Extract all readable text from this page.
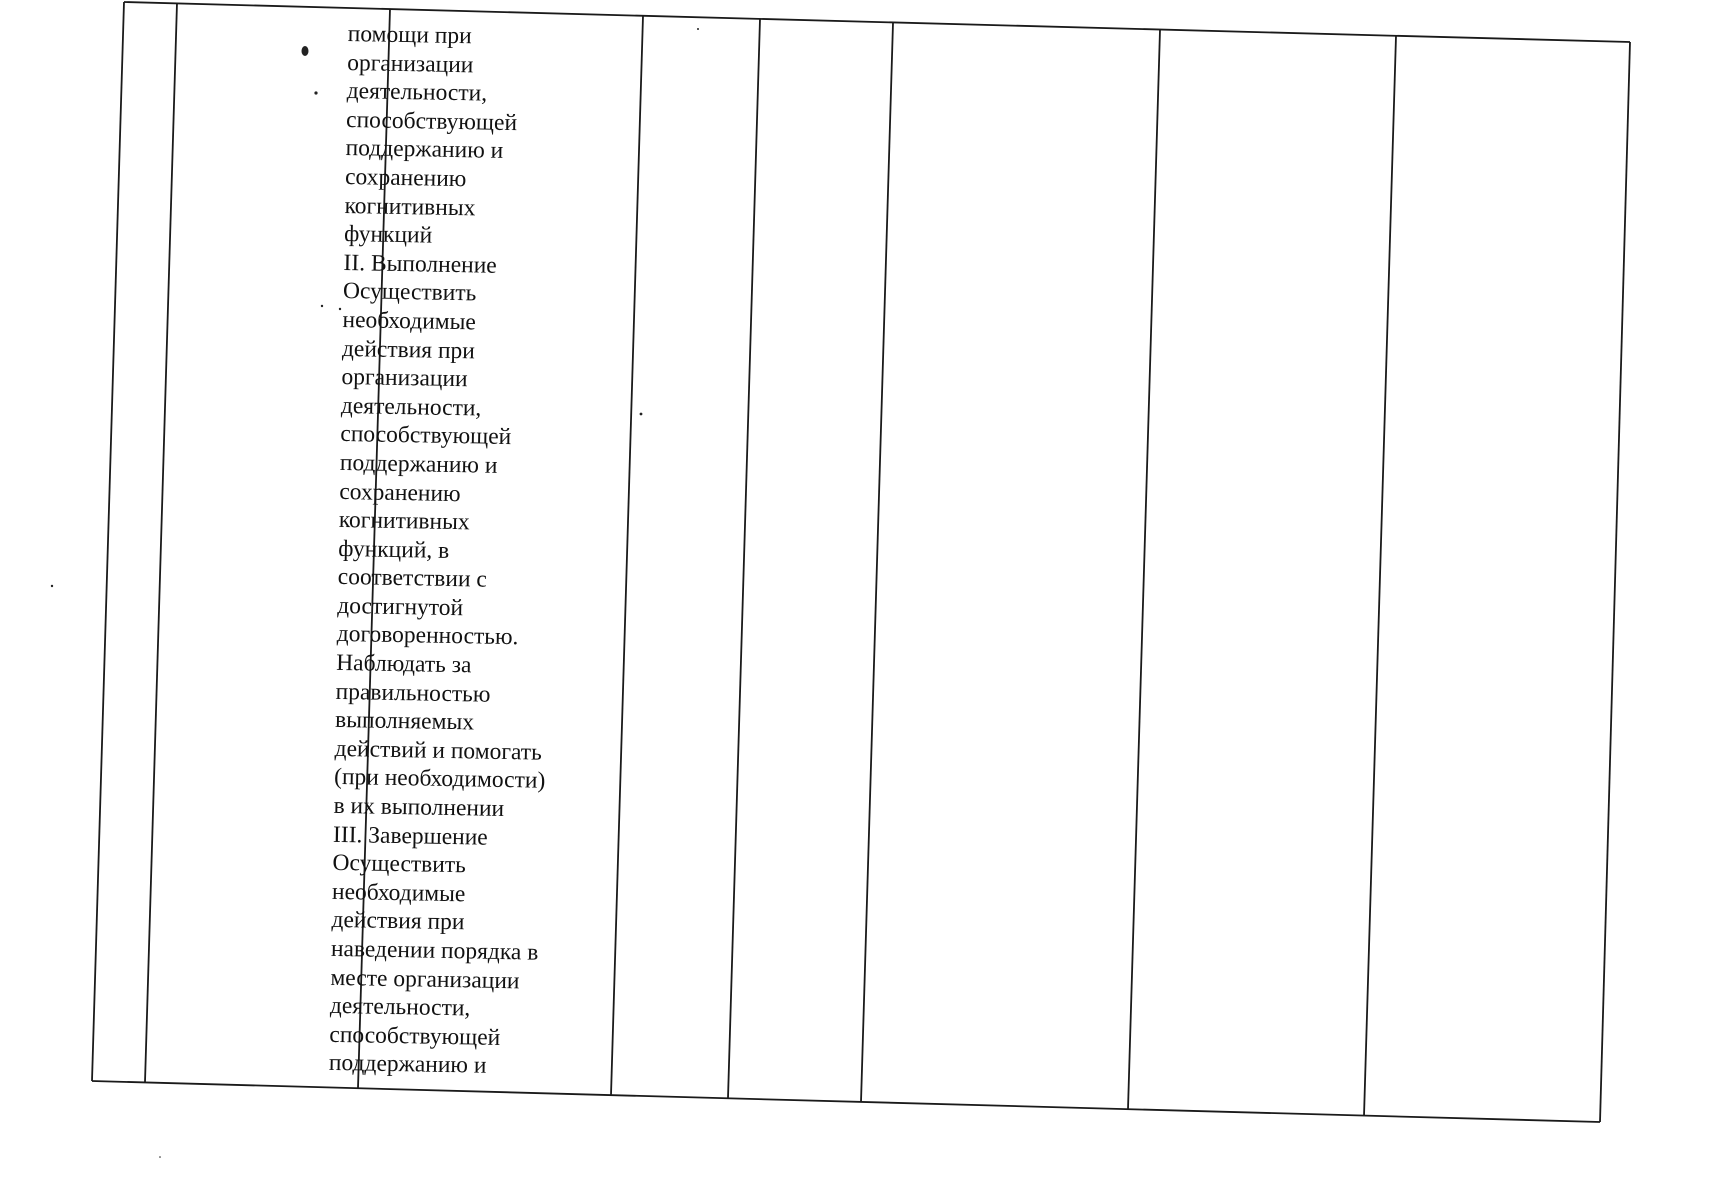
помощи при
организации
деятельности,
способствующей
поддержанию и
сохранению
когнитивных
функций
II. Выполнение
Осуществить
необходимые
действия при
организации
деятельности,
способствующей
поддержанию и
сохранению
когнитивных
функций, в
соответствии с
достигнутой
договоренностью.
Наблюдать за
правильностью
выполняемых
действий и помогать
(при необходимости)
в их выполнении
III. Завершение
Осуществить
необходимые
действия при
наведении порядка в
месте организации
деятельности,
способствующей
поддержанию и
